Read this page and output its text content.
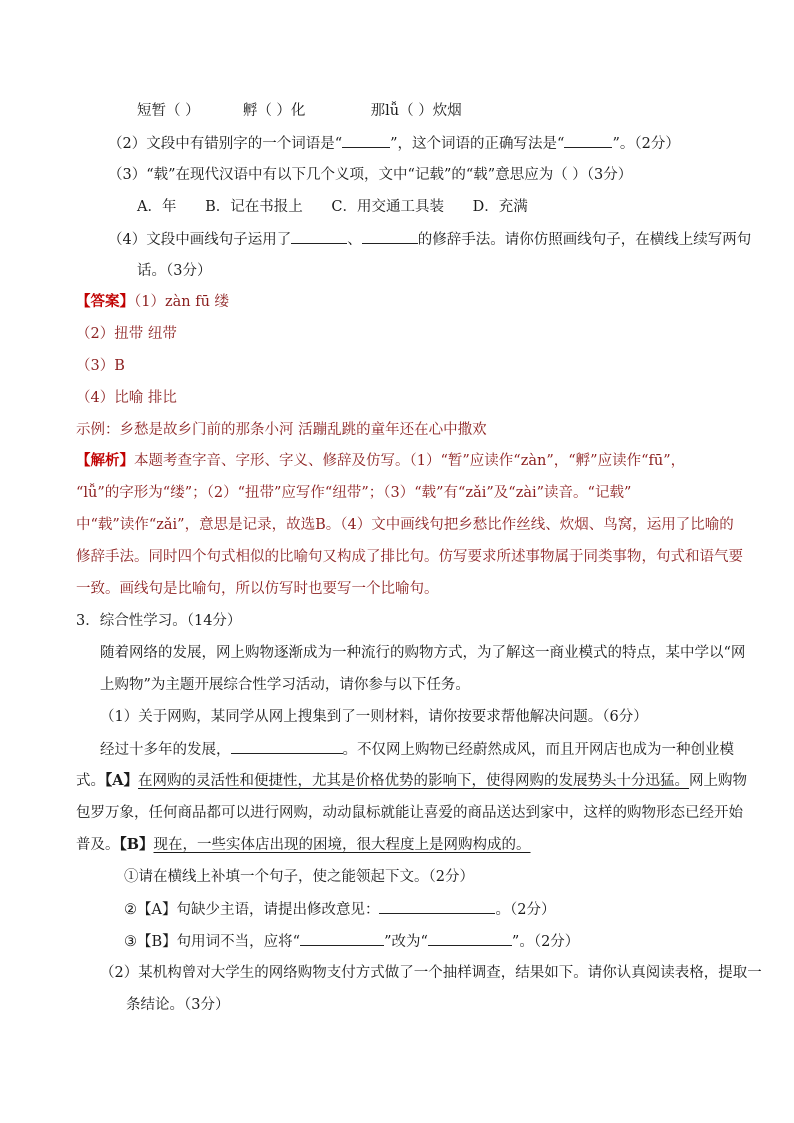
短暂（ ）	孵（ ）化	那lǚ（ ）炊烟
（2）文段中有错别字的一个词语是“	”，这个词语的正确写法是“	”。（2分）
（3）“载”在现代汉语中有以下几个义项，文中“记载”的“载”意思应为（ ）（3分）
A．年 B．记在书报上 C．用交通工具装 D．充满
（4）文段中画线句子运用了	、	的修辞手法。请你仿照画线句子，在横线上续写两句
话。（3分）
【答案】（1）zàn fū 缕
（2）扭带 纽带
（3）B
（4）比喻 排比
示例：乡愁是故乡门前的那条小河 活蹦乱跳的童年还在心中撒欢
【解析】本题考查字音、字形、字义、修辞及仿写。（1）“暂”应读作“zàn”，“孵”应读作“fū”，
“lǚ”的字形为“缕”；（2）“扭带”应写作“纽带”；（3）“载”有“zǎi”及“zài”读音。“记载”
中“载”读作“zǎi”，意思是记录，故选B。（4）文中画线句把乡愁比作丝线、炊烟、鸟窝，运用了比喻的
修辞手法。同时四个句式相似的比喻句又构成了排比句。仿写要求所述事物属于同类事物，句式和语气要
一致。画线句是比喻句，所以仿写时也要写一个比喻句。
3．综合性学习。（14分）
随着网络的发展，网上购物逐渐成为一种流行的购物方式，为了解这一商业模式的特点，某中学以“网
上购物”为主题开展综合性学习活动，请你参与以下任务。
（1）关于网购，某同学从网上搜集到了一则材料，请你按要求帮他解决问题。（6分）
经过十多年的发展，	。不仅网上购物已经蔚然成风，而且开网店也成为一种创业模
式。【A】在网购的灵活性和便捷性，尤其是价格优势的影响下，使得网购的发展势头十分迅猛。网上购物
包罗万象，任何商品都可以进行网购，动动鼠标就能让喜爱的商品送达到家中，这样的购物形态已经开始
普及。【B】现在，一些实体店出现的困境，很大程度上是网购构成的。
①请在横线上补填一个句子，使之能领起下文。（2分）
②【A】句缺少主语，请提出修改意见：	。（2分）
③【B】句用词不当，应将“	”改为“	”。（2分）
（2）某机构曾对大学生的网络购物支付方式做了一个抽样调查，结果如下。请你认真阅读表格，提取一
条结论。（3分）
